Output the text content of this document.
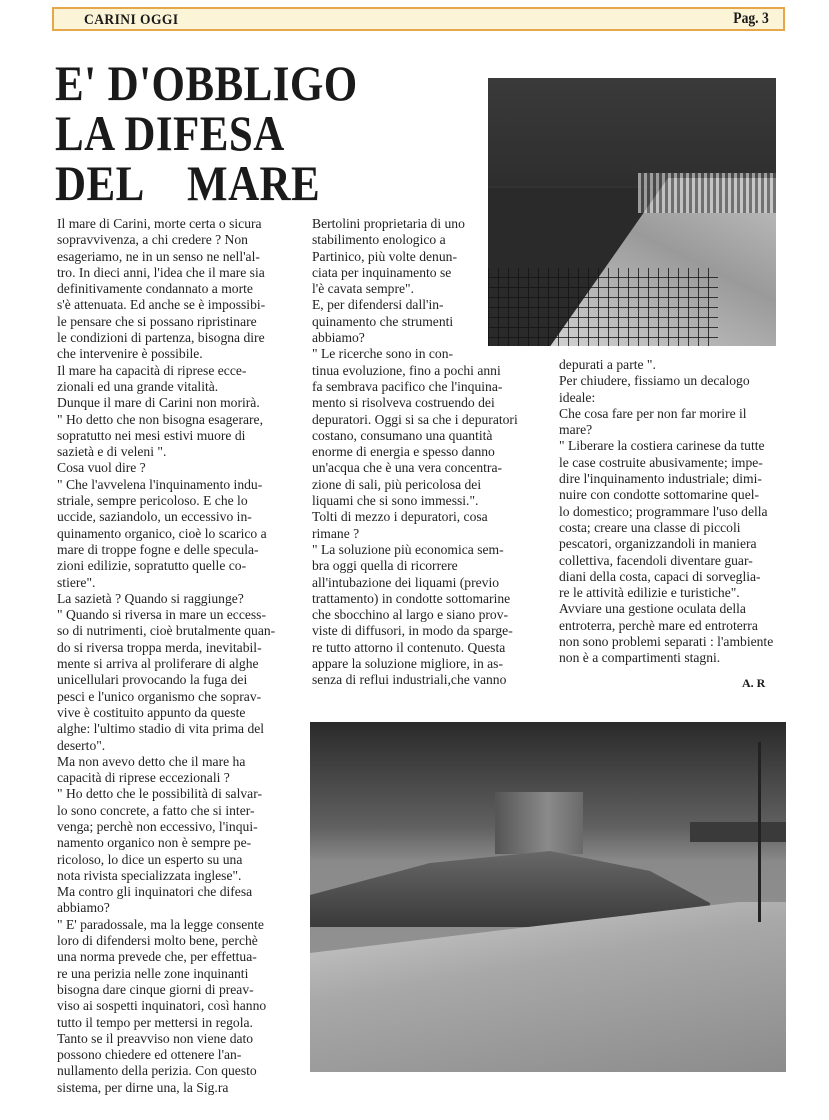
CARINI OGGI	Pag. 3
E' D'OBBLIGO
LA DIFESA
DEL    MARE
Il mare di Carini, morte certa o sicura
sopravvivenza, a chi credere ? Non
esageriamo, ne in un senso ne nell'al-
tro. In dieci anni, l'idea che il mare sia
definitivamente condannato a morte
s'è attenuata. Ed anche se è impossibi-
le pensare che si possano ripristinare
le condizioni di partenza, bisogna dire
che intervenire è possibile.
Il mare ha capacità di riprese ecce-
zionali ed una grande vitalità.
Dunque il mare di Carini non morirà.
" Ho detto che non bisogna esagerare,
sopratutto nei mesi estivi muore di
sazietà e di veleni ".
Cosa vuol dire ?
" Che l'avvelena l'inquinamento indu-
striale, sempre pericoloso. E che lo
uccide, saziandolo, un eccessivo in-
quinamento organico, cioè lo scarico a
mare di troppe fogne e delle specula-
zioni edilizie, sopratutto quelle co-
stiere".
La sazietà ? Quando si raggiunge?
" Quando si riversa in mare un eccess-
so di nutrimenti, cioè brutalmente quan-
do si riversa troppa merda, inevitabil-
mente si arriva al proliferare di alghe
unicellulari provocando la fuga dei
pesci e l'unico organismo che soprav-
vive è costituito appunto da queste
alghe: l'ultimo stadio di vita prima del
deserto".
Ma non avevo detto che il mare ha
capacità di riprese eccezionali ?
" Ho detto che le possibilità di salvar-
lo sono concrete, a fatto che si inter-
venga; perchè non eccessivo, l'inqui-
namento organico non è sempre pe-
ricoloso, lo dice un esperto su una
nota rivista specializzata inglese".
Ma contro gli inquinatori che difesa
abbiamo?
" E' paradossale, ma la legge consente
loro di difendersi molto bene, perchè
una norma prevede che, per effettua-
re una perizia nelle zone inquinanti
bisogna dare cinque giorni di preav-
viso ai sospetti inquinatori, così hanno
tutto il tempo per mettersi in regola.
Tanto se il preavviso non viene dato
possono chiedere ed ottenere l'an-
nullamento della perizia. Con questo
sistema, per dirne una, la Sig.ra
Bertolini proprietaria di uno
stabilimento enologico a
Partinico, più volte denun-
ciata per inquinamento se
l'è cavata sempre".
E, per difendersi dall'in-
quinamento che strumenti
abbiamo?
" Le ricerche sono in con-
tinua evoluzione, fino a pochi anni
fa sembrava pacifico che l'inquina-
mento si risolveva costruendo dei
depuratori. Oggi si sa che i depuratori
costano, consumano una quantità
enorme di energia e spesso danno
un'acqua che è una vera concentra-
zione di sali, più pericolosa dei
liquami che si sono immessi.".
Tolti di mezzo i depuratori, cosa
rimane ?
" La soluzione più economica sem-
bra oggi quella di ricorrere
all'intubazione dei liquami (previo
trattamento) in condotte sottomarine
che sbocchino al largo e siano prov-
viste di diffusori, in modo da sparge-
re tutto attorno il contenuto. Questa
appare la soluzione migliore, in as-
senza di reflui industriali,che vanno
depurati a parte ".
Per chiudere, fissiamo un decalogo
ideale:
Che cosa fare per non far morire il
mare?
" Liberare la costiera carinese da tutte
le case costruite abusivamente; impe-
dire l'inquinamento industriale; dimi-
nuire con condotte sottomarine quel-
lo domestico; programmare l'uso della
costa; creare una classe di piccoli
pescatori, organizzandoli in maniera
collettiva, facendoli diventare guar-
diani della costa, capaci di sorveglia-
re le attività edilizie e turistiche".
Avviare una gestione oculata della
entroterra, perchè mare ed entroterra
non sono problemi separati : l'ambiente
non è a compartimenti stagni.
A. R
